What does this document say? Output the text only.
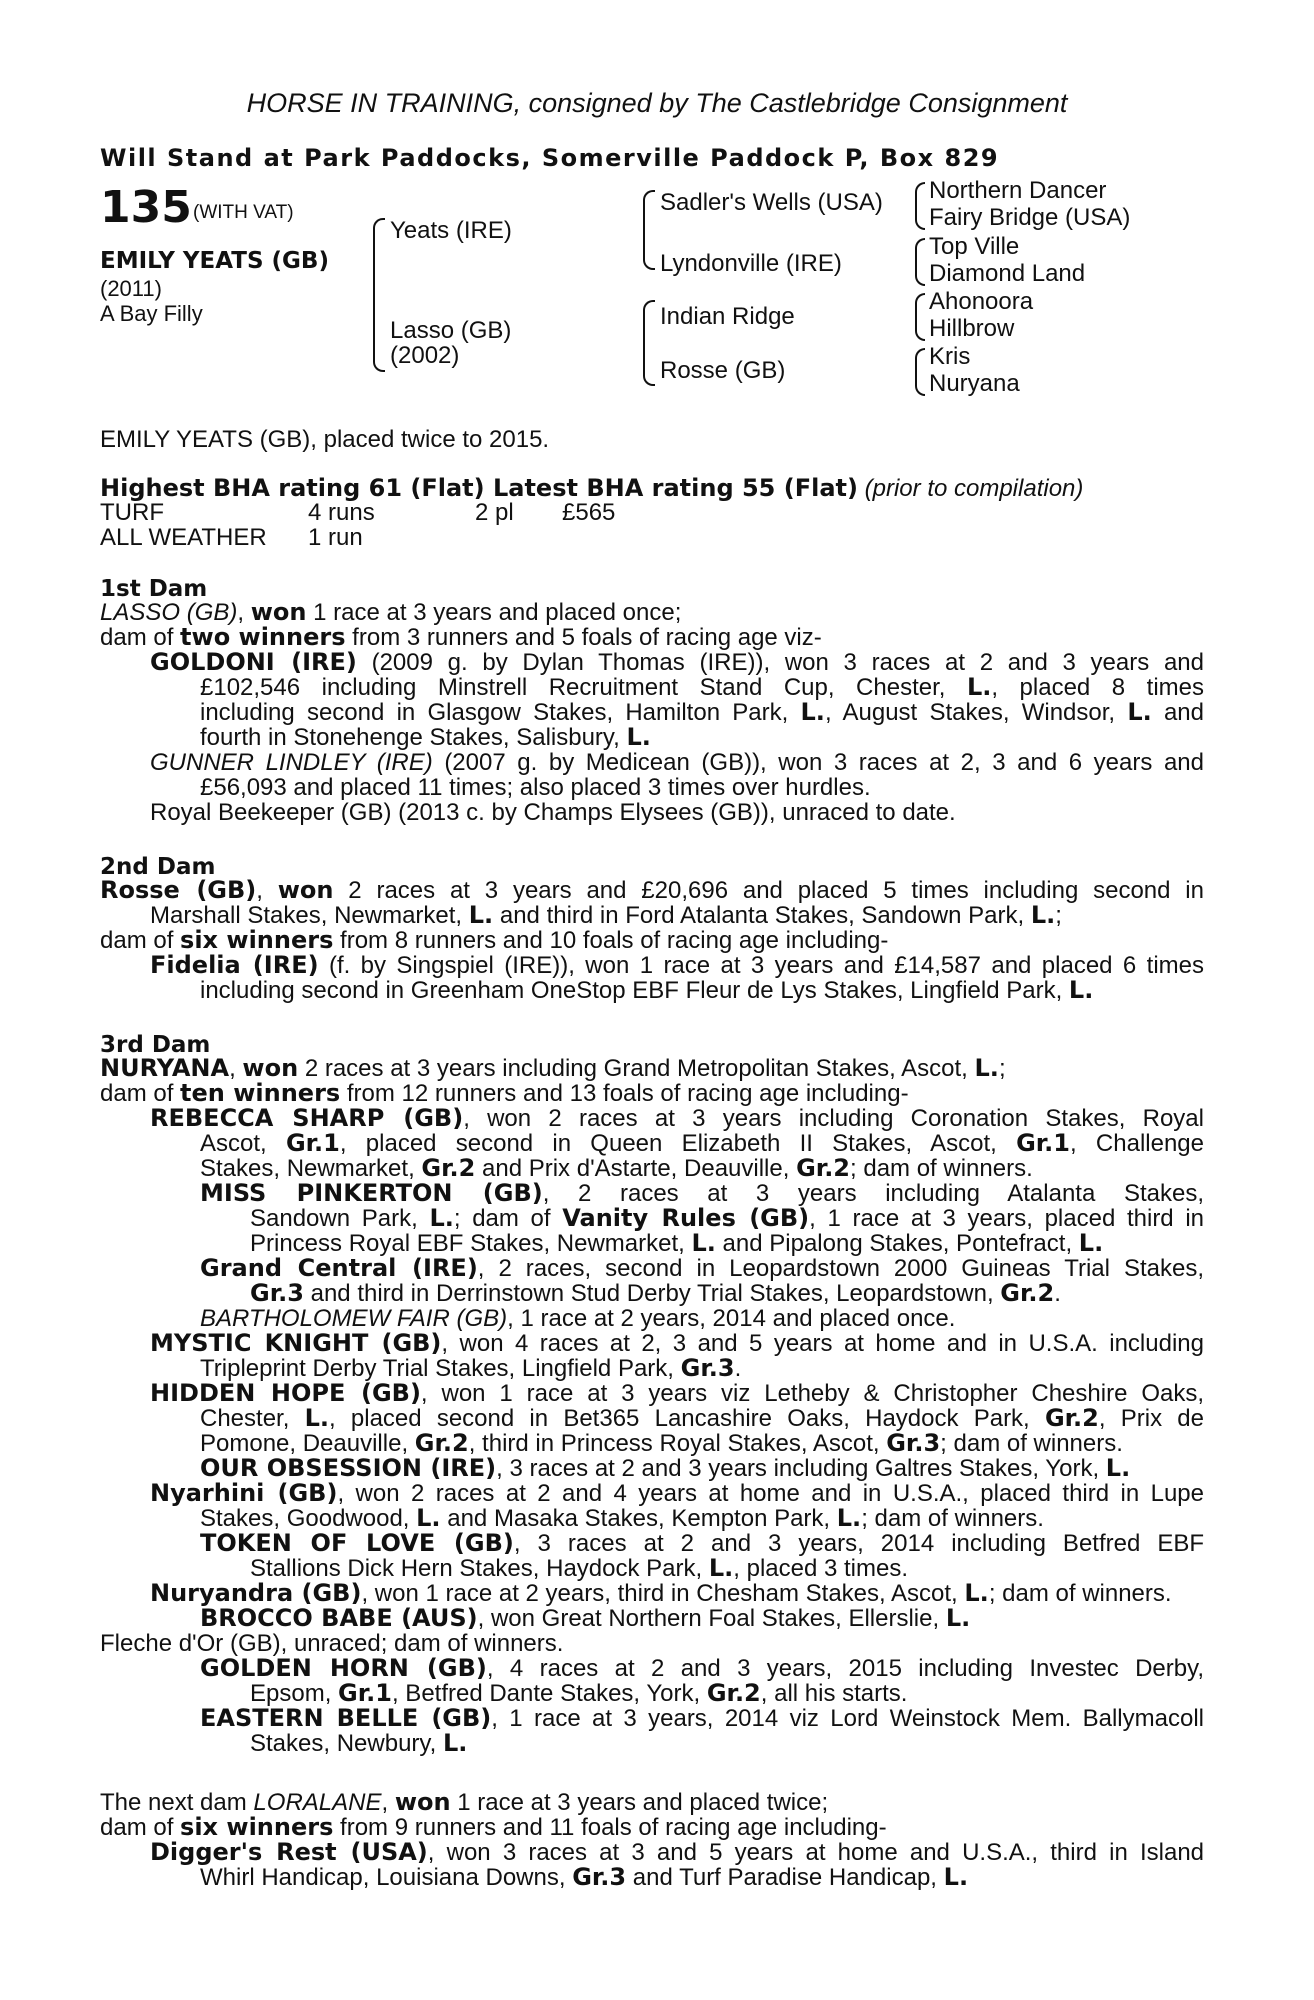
HORSE IN TRAINING, consigned by The Castlebridge Consignment
Will Stand at Park Paddocks, Somerville Paddock P, Box 829
135 (WITH VAT)
EMILY YEATS (GB)
(2011)
A Bay Filly
Yeats (IRE)
Lasso (GB)
(2002)
Sadler's Wells (USA)
Lyndonville (IRE)
Indian Ridge
Rosse (GB)
Northern Dancer
Fairy Bridge (USA)
Top Ville
Diamond Land
Ahonoora
Hillbrow
Kris
Nuryana
EMILY YEATS (GB), placed twice to 2015.
Highest BHA rating 61 (Flat) Latest BHA rating 55 (Flat) (prior to compilation)
TURF	4 runs	2 pl £565
ALL WEATHER 1 run
1st Dam
LASSO (GB), won 1 race at 3 years and placed once;
dam of two winners from 3 runners and 5 foals of racing age viz-
GOLDONI (IRE) (2009 g. by Dylan Thomas (IRE)), won 3 races at 2 and 3 years and
£102,546 including Minstrell Recruitment Stand Cup, Chester, L., placed 8 times
including second in Glasgow Stakes, Hamilton Park, L., August Stakes, Windsor, L. and
fourth in Stonehenge Stakes, Salisbury, L.
GUNNER LINDLEY (IRE) (2007 g. by Medicean (GB)), won 3 races at 2, 3 and 6 years and
£56,093 and placed 11 times; also placed 3 times over hurdles.
Royal Beekeeper (GB) (2013 c. by Champs Elysees (GB)), unraced to date.
2nd Dam
Rosse (GB), won 2 races at 3 years and £20,696 and placed 5 times including second in
Marshall Stakes, Newmarket, L. and third in Ford Atalanta Stakes, Sandown Park, L.;
dam of six winners from 8 runners and 10 foals of racing age including-
Fidelia (IRE) (f. by Singspiel (IRE)), won 1 race at 3 years and £14,587 and placed 6 times
including second in Greenham OneStop EBF Fleur de Lys Stakes, Lingfield Park, L.
3rd Dam
NURYANA, won 2 races at 3 years including Grand Metropolitan Stakes, Ascot, L.;
dam of ten winners from 12 runners and 13 foals of racing age including-
REBECCA SHARP (GB), won 2 races at 3 years including Coronation Stakes, Royal
Ascot, Gr.1, placed second in Queen Elizabeth II Stakes, Ascot, Gr.1, Challenge
Stakes, Newmarket, Gr.2 and Prix d'Astarte, Deauville, Gr.2; dam of winners.
MISS PINKERTON (GB), 2 races at 3 years including Atalanta Stakes,
Sandown Park, L.; dam of Vanity Rules (GB), 1 race at 3 years, placed third in
Princess Royal EBF Stakes, Newmarket, L. and Pipalong Stakes, Pontefract, L.
Grand Central (IRE), 2 races, second in Leopardstown 2000 Guineas Trial Stakes,
Gr.3 and third in Derrinstown Stud Derby Trial Stakes, Leopardstown, Gr.2.
BARTHOLOMEW FAIR (GB), 1 race at 2 years, 2014 and placed once.
MYSTIC KNIGHT (GB), won 4 races at 2, 3 and 5 years at home and in U.S.A. including
Tripleprint Derby Trial Stakes, Lingfield Park, Gr.3.
HIDDEN HOPE (GB), won 1 race at 3 years viz Letheby & Christopher Cheshire Oaks,
Chester, L., placed second in Bet365 Lancashire Oaks, Haydock Park, Gr.2, Prix de
Pomone, Deauville, Gr.2, third in Princess Royal Stakes, Ascot, Gr.3; dam of winners.
OUR OBSESSION (IRE), 3 races at 2 and 3 years including Galtres Stakes, York, L.
Nyarhini (GB), won 2 races at 2 and 4 years at home and in U.S.A., placed third in Lupe
Stakes, Goodwood, L. and Masaka Stakes, Kempton Park, L.; dam of winners.
TOKEN OF LOVE (GB), 3 races at 2 and 3 years, 2014 including Betfred EBF
Stallions Dick Hern Stakes, Haydock Park, L., placed 3 times.
Nuryandra (GB), won 1 race at 2 years, third in Chesham Stakes, Ascot, L.; dam of winners.
BROCCO BABE (AUS), won Great Northern Foal Stakes, Ellerslie, L.
Fleche d'Or (GB), unraced; dam of winners.
GOLDEN HORN (GB), 4 races at 2 and 3 years, 2015 including Investec Derby,
Epsom, Gr.1, Betfred Dante Stakes, York, Gr.2, all his starts.
EASTERN BELLE (GB), 1 race at 3 years, 2014 viz Lord Weinstock Mem. Ballymacoll
Stakes, Newbury, L.
The next dam LORALANE, won 1 race at 3 years and placed twice;
dam of six winners from 9 runners and 11 foals of racing age including-
Digger's Rest (USA), won 3 races at 3 and 5 years at home and U.S.A., third in Island
Whirl Handicap, Louisiana Downs, Gr.3 and Turf Paradise Handicap, L.
